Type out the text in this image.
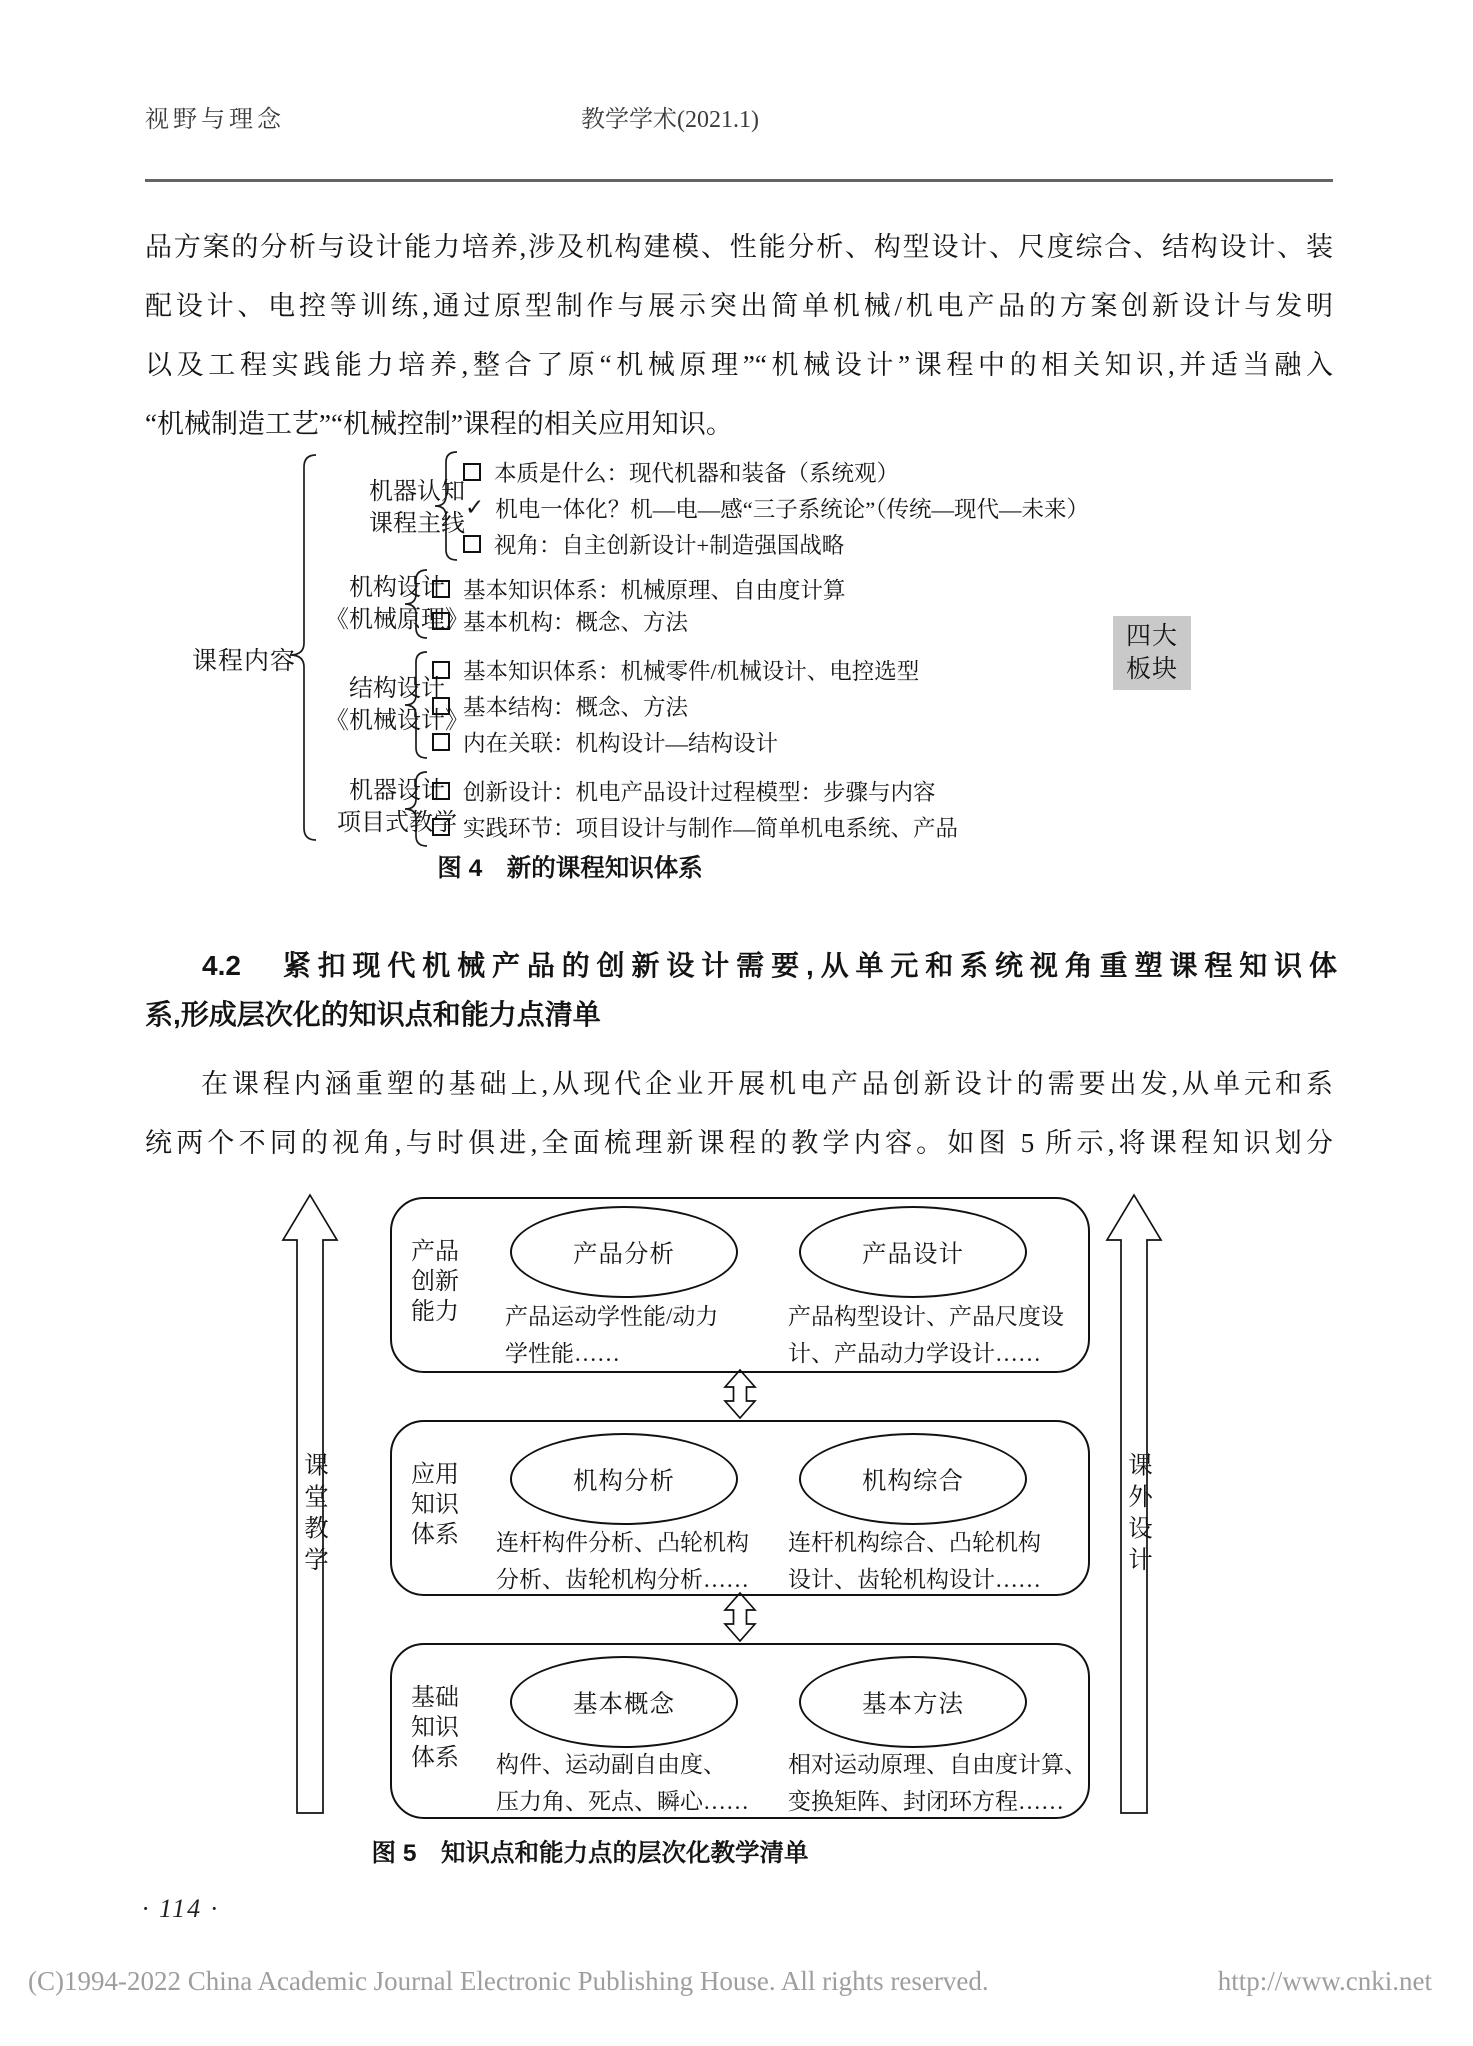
视野与理念	教学学术(2021.1)
品方案的分析与设计能力培养,涉及机构建模、性能分析、构型设计、尺度综合、结构设计、装
配设计、电控等训练,通过原型制作与展示突出简单机械/机电产品的方案创新设计与发明
以及工程实践能力培养,整合了原“机械原理”“机械设计”课程中的相关知识,并适当融入
“机械制造工艺”“机械控制”课程的相关应用知识。
课程内容
机器认知
课程主线
机构设计
《机械原理》
结构设计
《机械设计》
机器设计
项目式教学
本质是什么：现代机器和装备（系统观）
✓ 机电一体化？机—电—感“三子系统论”（传统—现代—未来）
视角：自主创新设计+制造强国战略
基本知识体系：机械原理、自由度计算
基本机构：概念、方法
基本知识体系：机械零件/机械设计、电控选型
基本结构：概念、方法
内在关联：机构设计—结构设计
创新设计：机电产品设计过程模型：步骤与内容
实践环节：项目设计与制作—简单机电系统、产品
四大
板块
图 4　新的课程知识体系
4.2　紧扣现代机械产品的创新设计需要,从单元和系统视角重塑课程知识体
系,形成层次化的知识点和能力点清单
在课程内涵重塑的基础上,从现代企业开展机电产品创新设计的需要出发,从单元和系
统两个不同的视角,与时俱进,全面梳理新课程的教学内容。如图 5 所示,将课程知识划分
课堂教学	课外设计
产品
创新
能力
产品分析	产品设计
产品运动学性能/动力
学性能……
产品构型设计、产品尺度设
计、产品动力学设计……
应用
知识
体系
机构分析	机构综合
连杆构件分析、凸轮机构
分析、齿轮机构分析……
连杆机构综合、凸轮机构
设计、齿轮机构设计……
基础
知识
体系
基本概念	基本方法
构件、运动副自由度、
压力角、死点、瞬心……
相对运动原理、自由度计算、
变换矩阵、封闭环方程……
图 5　知识点和能力点的层次化教学清单
· 114 ·
(C)1994-2022 China Academic Journal Electronic Publishing House. All rights reserved.	http://www.cnki.net
